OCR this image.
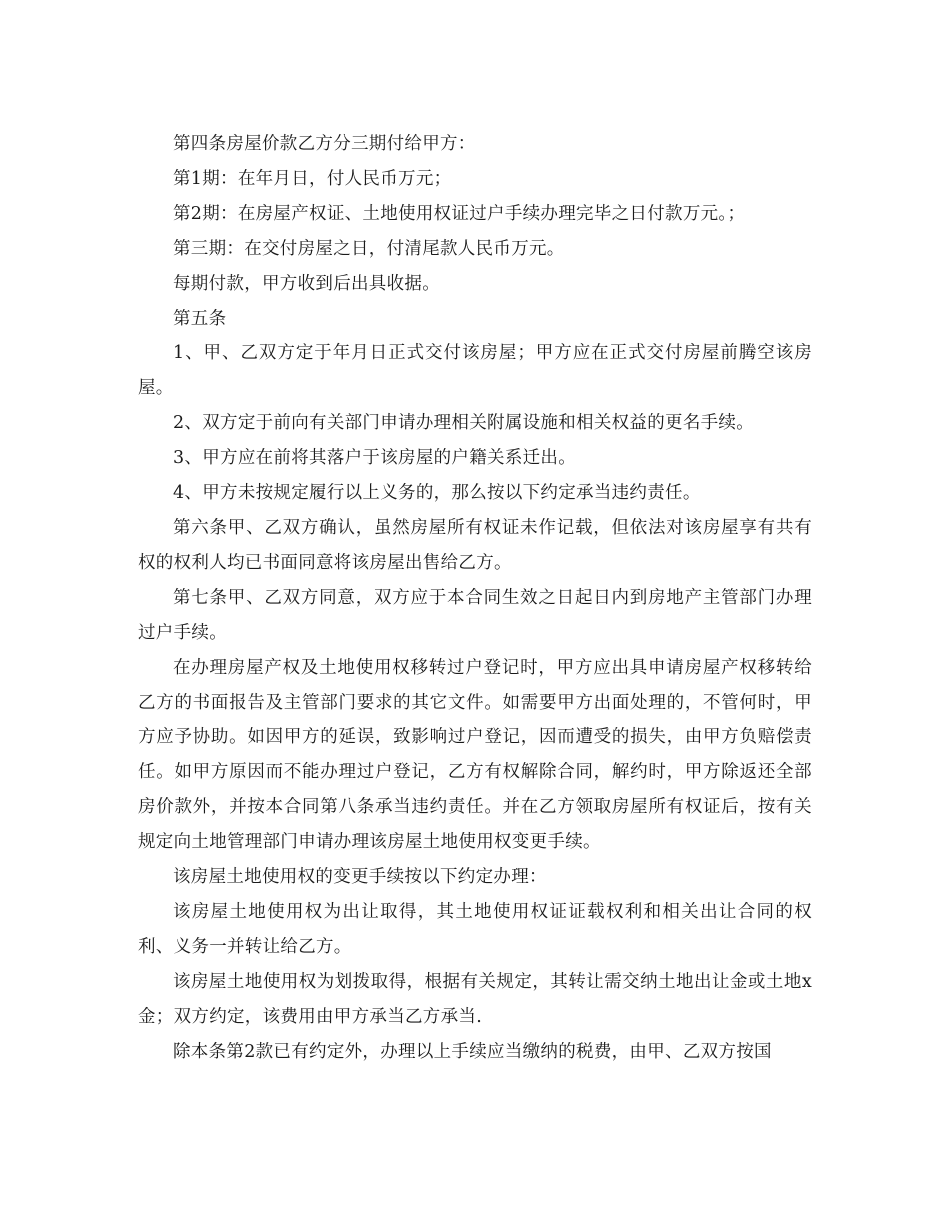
第四条房屋价款乙方分三期付给甲方：

第1期：在年月日，付人民币万元；

第2期：在房屋产权证、土地使用权证过户手续办理完毕之日付款万元。；

第三期：在交付房屋之日，付清尾款人民币万元。

每期付款，甲方收到后出具收据。

第五条

1、甲、乙双方定于年月日正式交付该房屋；甲方应在正式交付房屋前腾空该房屋。

2、双方定于前向有关部门申请办理相关附属设施和相关权益的更名手续。

3、甲方应在前将其落户于该房屋的户籍关系迁出。

4、甲方未按规定履行以上义务的，那么按以下约定承当违约责任。

第六条甲、乙双方确认，虽然房屋所有权证未作记载，但依法对该房屋享有共有权的权利人均已书面同意将该房屋出售给乙方。

第七条甲、乙双方同意，双方应于本合同生效之日起日内到房地产主管部门办理过户手续。

在办理房屋产权及土地使用权移转过户登记时，甲方应出具申请房屋产权移转给乙方的书面报告及主管部门要求的其它文件。如需要甲方出面处理的，不管何时，甲方应予协助。如因甲方的延误，致影响过户登记，因而遭受的损失，由甲方负赔偿责任。如甲方原因而不能办理过户登记，乙方有权解除合同，解约时，甲方除返还全部房价款外，并按本合同第八条承当违约责任。并在乙方领取房屋所有权证后，按有关规定向土地管理部门申请办理该房屋土地使用权变更手续。

该房屋土地使用权的变更手续按以下约定办理：

该房屋土地使用权为出让取得，其土地使用权证证载权利和相关出让合同的权利、义务一并转让给乙方。

该房屋土地使用权为划拨取得，根据有关规定，其转让需交纳土地出让金或土地x金；双方约定，该费用由甲方承当乙方承当.

除本条第2款已有约定外，办理以上手续应当缴纳的税费，由甲、乙双方按国
